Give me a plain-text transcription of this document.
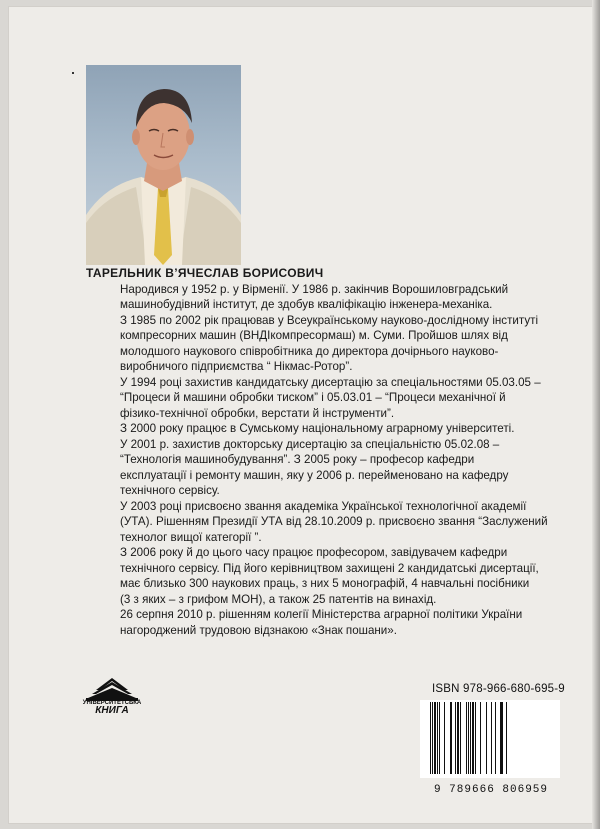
ТАРЕЛЬНИК В’ЯЧЕСЛАВ БОРИСОВИЧ

Народився у 1952 р. у Вірменії. У 1986 р. закінчив Ворошиловградський
машинобудівний інститут, де здобув кваліфікацію інженера-механіка.

З 1985 по 2002 рік працював у Всеукраїнському науково-дослідному інституті
компресорних машин (ВНДІкомпресормаш) м. Суми. Пройшов шлях від
молодшого наукового співробітника до директора дочірнього науково-
виробничого підприємства “ Нікмас-Ротор”.

У 1994 році захистив кандидатську дисертацію за спеціальностями 05.03.05 –
“Процеси й машини обробки тиском” і 05.03.01 – “Процеси механічної й
фізико-технічної обробки, верстати й інструменти”.

З 2000 року працює в Сумському національному аграрному університеті.

У 2001 р. захистив докторську дисертацію за спеціальністю 05.02.08 –
“Технологія машинобудування”. З 2005 року – професор кафедри
експлуатації і ремонту машин, яку у 2006 р. перейменовано на кафедру
технічного сервісу.

У 2003 році присвоєно звання академіка Української технологічної академії
(УТА). Рішенням Президії УТА від 28.10.2009 р. присвоєно звання “Заслужений
технолог вищої категорії ”.

З 2006 року й до цього часу працює професором, завідувачем кафедри
технічного сервісу. Під його керівництвом захищені 2 кандидатські дисертації,
має близько 300 наукових праць, з них 5 монографій, 4 навчальні посібники
(3 з яких – з грифом МОН), а також 25 патентів на винахід.

26 серпня 2010 р. рішенням колегії Міністерства аграрної політики України
нагороджений трудовою відзнакою «Знак пошани».

УНІВЕРСИТЕТСЬКА
КНИГА
ISBN 978-966-680-695-9
9 789666 806959
